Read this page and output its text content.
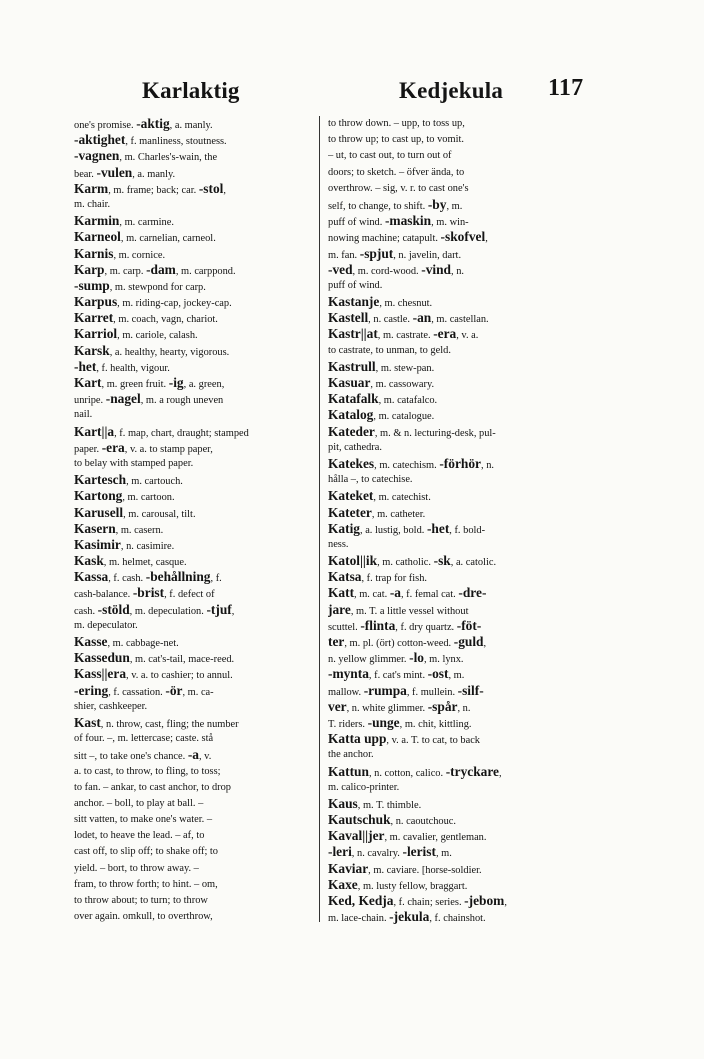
Karlaktig	Kedjekula 117
one's promise. -aktig, a. manly.
-aktighet, f. manliness, stoutness.
-vagnen, m. Charles's-wain, the
bear. -vulen, a. manly.
Karm, m. frame; back; car. -stol,
m. chair.
Karmin, m. carmine.
Karneol, m. carnelian, carneol.
Karnis, m. cornice.
Karp, m. carp. -dam, m. carppond.
-sump, m. stewpond for carp.
Karpus, m. riding-cap, jockey-cap.
Karret, m. coach, vagn, chariot.
Karriol, m. cariole, calash.
Karsk, a. healthy, hearty, vigorous.
-het, f. health, vigour.
Kart, m. green fruit. -ig, a. green,
unripe. -nagel, m. a rough uneven
nail.
Kart||a, f. map, chart, draught; stamped
paper. -era, v. a. to stamp paper,
to belay with stamped paper.
Kartesch, m. cartouch.
Kartong, m. cartoon.
Karusell, m. carousal, tilt.
Kasern, m. casern.
Kasimir, n. casimire.
Kask, m. helmet, casque.
Kassa, f. cash. -behållning, f.
cash-balance. -brist, f. defect of
cash. -stöld, m. depeculation. -tjuf,
m. depeculator.
Kasse, m. cabbage-net.
Kassedun, m. cat's-tail, mace-reed.
Kass||era, v. a. to cashier; to annul.
-ering, f. cassation. -ör, m. ca-
shier, cashkeeper.
Kast, n. throw, cast, fling; the number
of four. –, m. lettercase; caste. stå
sitt –, to take one's chance. -a, v.
a. to cast, to throw, to fling, to toss;
to fan. – ankar, to cast anchor, to drop
anchor. – boll, to play at ball. –
sitt vatten, to make one's water. –
lodet, to heave the lead. – af, to
cast off, to slip off; to shake off; to
yield. – bort, to throw away. –
fram, to throw forth; to hint. – om,
to throw about; to turn; to throw
over again. omkull, to overthrow,
to throw down. – upp, to toss up,
to throw up; to cast up, to vomit.
– ut, to cast out, to turn out of
doors; to sketch. – öfver ända, to
overthrow. – sig, v. r. to cast one's
self, to change, to shift. -by, m.
puff of wind. -maskin, m. win-
nowing machine; catapult. -skofvel,
m. fan. -spjut, n. javelin, dart.
-ved, m. cord-wood. -vind, n.
puff of wind.
Kastanje, m. chesnut.
Kastell, n. castle. -an, m. castellan.
Kastr||at, m. castrate. -era, v. a.
to castrate, to unman, to geld.
Kastrull, m. stew-pan.
Kasuar, m. cassowary.
Katafalk, m. catafalco.
Katalog, m. catalogue.
Kateder, m. & n. lecturing-desk, pul-
pit, cathedra.
Katekes, m. catechism. -förhör, n.
hålla –, to catechise.
Kateket, m. catechist.
Kateter, m. catheter.
Katig, a. lustig, bold. -het, f. bold-
ness.
Katol||ik, m. catholic. -sk, a. catolic.
Katsa, f. trap for fish.
Katt, m. cat. -a, f. femal cat. -dre-
jare, m. T. a little vessel without
scuttel. -flinta, f. dry quartz. -föt-
ter, m. pl. (ört) cotton-weed. -guld,
n. yellow glimmer. -lo, m. lynx.
-mynta, f. cat's mint. -ost, m.
mallow. -rumpa, f. mullein. -silf-
ver, n. white glimmer. -spår, n.
T. riders. -unge, m. chit, kittling.
Katta upp, v. a. T. to cat, to back
the anchor.
Kattun, n. cotton, calico. -tryckare,
m. calico-printer.
Kaus, m. T. thimble.
Kautschuk, n. caoutchouc.
Kaval||jer, m. cavalier, gentleman.
-leri, n. cavalry. -lerist, m.
Kaviar, m. caviare. [horse-soldier.
Kaxe, m. lusty fellow, braggart.
Ked, Kedja, f. chain; series. -jebom,
m. lace-chain. -jekula, f. chainshot.
